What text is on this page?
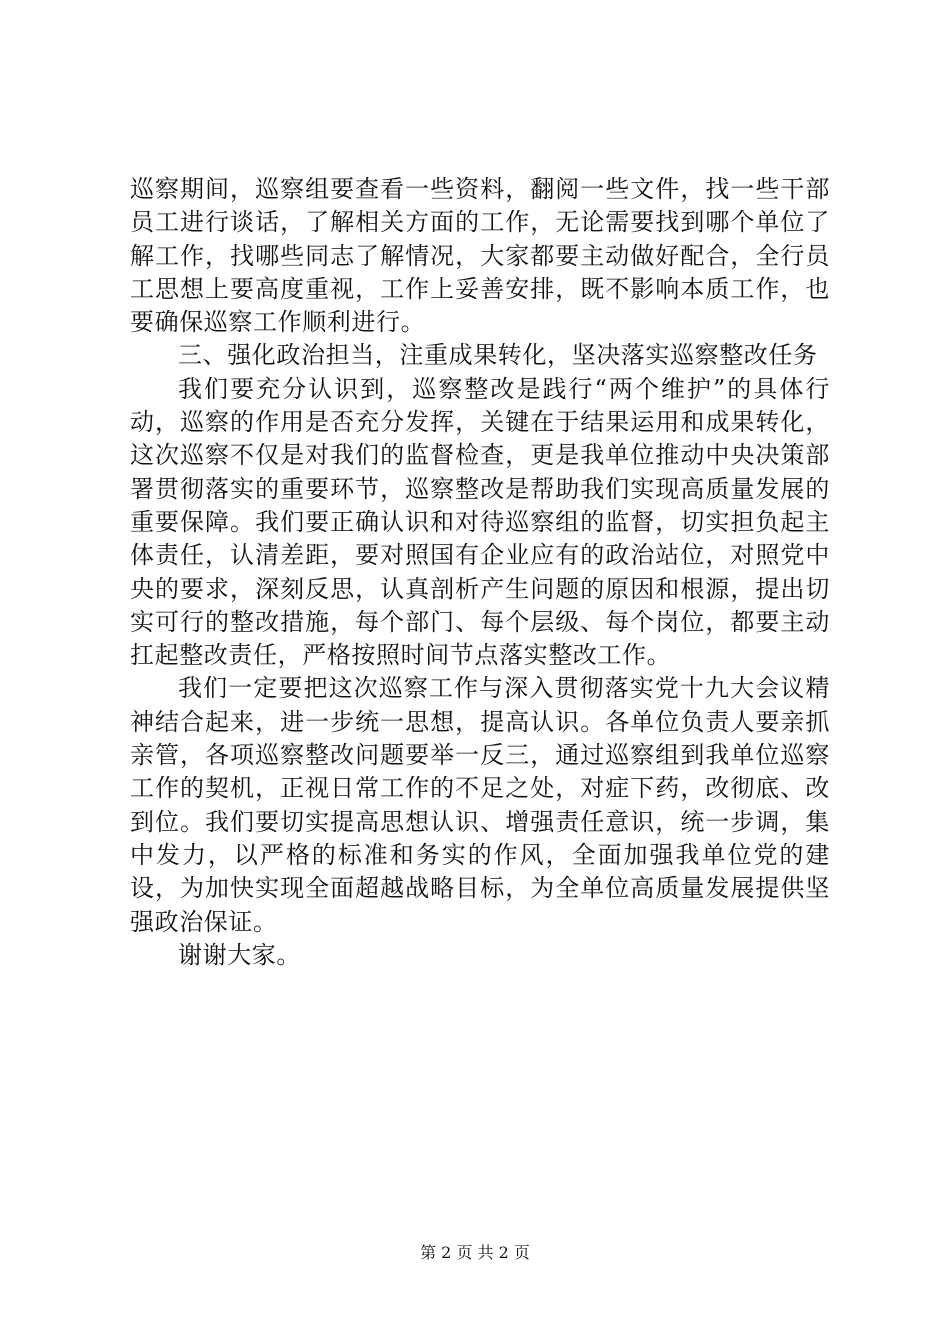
巡察期间，巡察组要查看一些资料，翻阅一些文件，找一些干部员工进行谈话，了解相关方面的工作，无论需要找到哪个单位了解工作，找哪些同志了解情况，大家都要主动做好配合，全行员工思想上要高度重视，工作上妥善安排，既不影响本质工作，也要确保巡察工作顺利进行。

三、强化政治担当，注重成果转化，坚决落实巡察整改任务

我们要充分认识到，巡察整改是践行“两个维护”的具体行动，巡察的作用是否充分发挥，关键在于结果运用和成果转化，这次巡察不仅是对我们的监督检查，更是我单位推动中央决策部署贯彻落实的重要环节，巡察整改是帮助我们实现高质量发展的重要保障。我们要正确认识和对待巡察组的监督，切实担负起主体责任，认清差距，要对照国有企业应有的政治站位，对照党中央的要求，深刻反思，认真剖析产生问题的原因和根源，提出切实可行的整改措施，每个部门、每个层级、每个岗位，都要主动扛起整改责任，严格按照时间节点落实整改工作。

我们一定要把这次巡察工作与深入贯彻落实党十九大会议精神结合起来，进一步统一思想，提高认识。各单位负责人要亲抓亲管，各项巡察整改问题要举一反三，通过巡察组到我单位巡察工作的契机，正视日常工作的不足之处，对症下药，改彻底、改到位。我们要切实提高思想认识、增强责任意识，统一步调，集中发力，以严格的标准和务实的作风，全面加强我单位党的建设，为加快实现全面超越战略目标，为全单位高质量发展提供坚强政治保证。

谢谢大家。

第 2 页 共 2 页
